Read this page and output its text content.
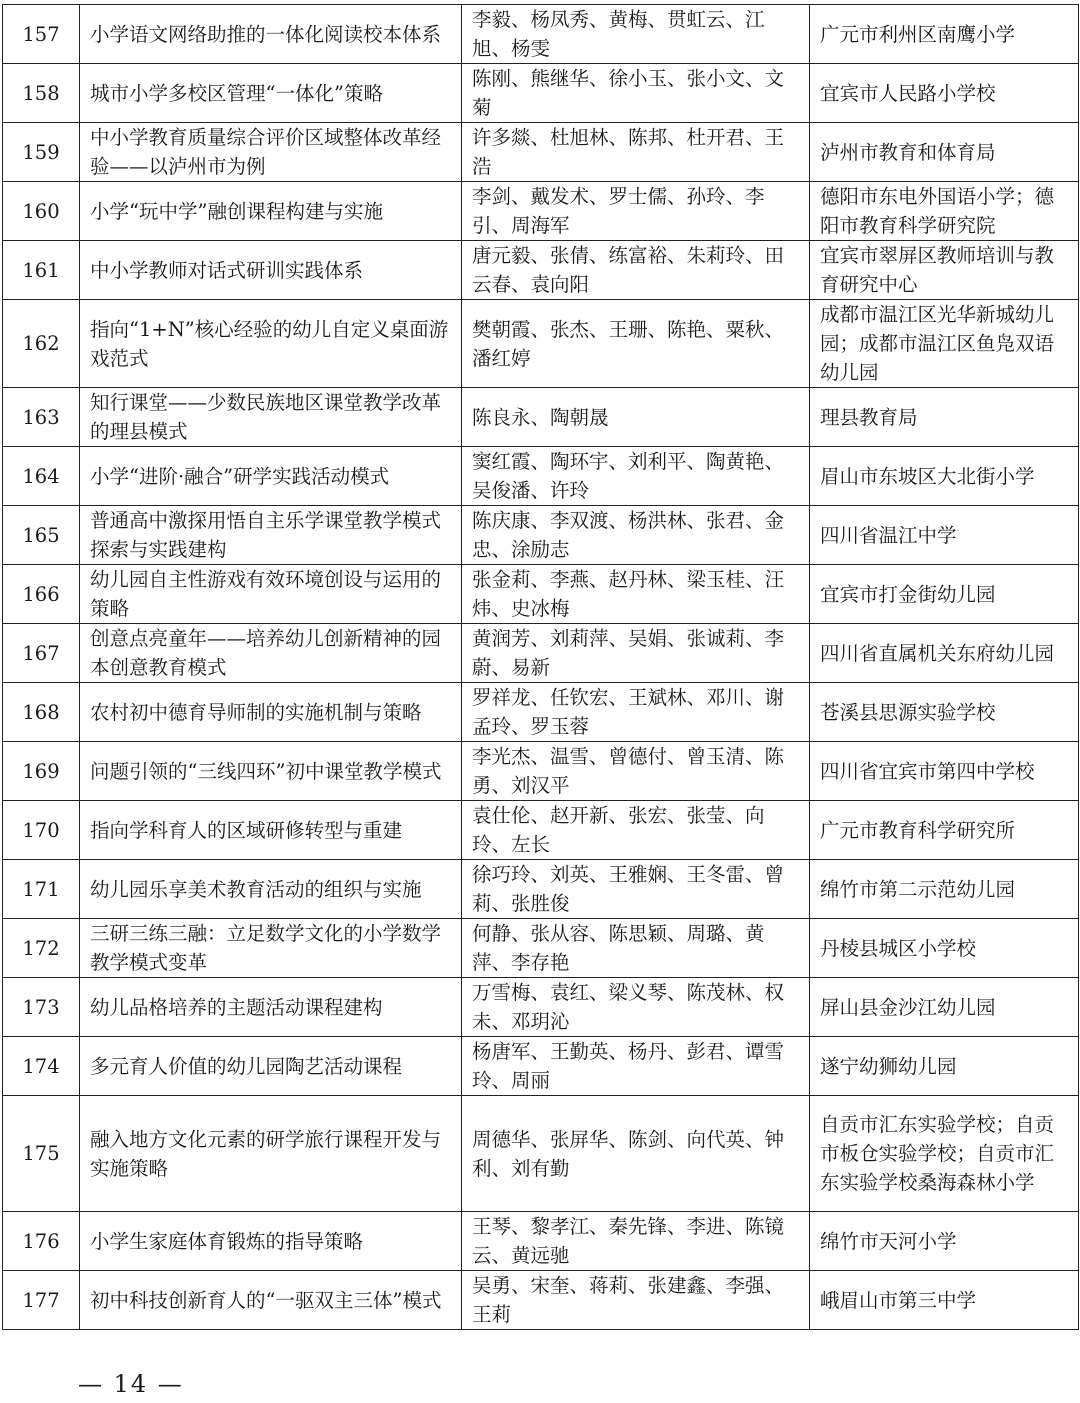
157	小学语文网络助推的一体化阅读校本体系	李毅、杨凤秀、黄梅、贯虹云、江旭、杨雯	广元市利州区南鹰小学
158	城市小学多校区管理“一体化”策略	陈刚、熊继华、徐小玉、张小文、文菊	宜宾市人民路小学校
159	中小学教育质量综合评价区域整体改革经验——以泸州市为例	许多燚、杜旭林、陈邦、杜开君、王浩	泸州市教育和体育局
160	小学“玩中学”融创课程构建与实施	李剑、戴发术、罗士儒、孙玲、李引、周海军	德阳市东电外国语小学；德阳市教育科学研究院
161	中小学教师对话式研训实践体系	唐元毅、张倩、练富裕、朱莉玲、田云春、袁向阳	宜宾市翠屏区教师培训与教育研究中心
162	指向“1+N”核心经验的幼儿自定义桌面游戏范式	樊朝霞、张杰、王珊、陈艳、粟秋、潘红婷	成都市温江区光华新城幼儿园；成都市温江区鱼凫双语幼儿园
163	知行课堂——少数民族地区课堂教学改革的理县模式	陈良永、陶朝晟	理县教育局
164	小学“进阶·融合”研学实践活动模式	窦红霞、陶环宇、刘利平、陶黄艳、吴俊潘、许玲	眉山市东坡区大北街小学
165	普通高中激探用悟自主乐学课堂教学模式探索与实践建构	陈庆康、李双渡、杨洪林、张君、金忠、涂励志	四川省温江中学
166	幼儿园自主性游戏有效环境创设与运用的策略	张金莉、李燕、赵丹林、梁玉桂、汪炜、史冰梅	宜宾市打金街幼儿园
167	创意点亮童年——培养幼儿创新精神的园本创意教育模式	黄润芳、刘莉萍、吴娟、张诚莉、李蔚、易新	四川省直属机关东府幼儿园
168	农村初中德育导师制的实施机制与策略	罗祥龙、任钦宏、王斌林、邓川、谢孟玲、罗玉蓉	苍溪县思源实验学校
169	问题引领的“三线四环”初中课堂教学模式	李光杰、温雪、曾德付、曾玉清、陈勇、刘汉平	四川省宜宾市第四中学校
170	指向学科育人的区域研修转型与重建	袁仕伦、赵开新、张宏、张莹、向玲、左长	广元市教育科学研究所
171	幼儿园乐享美术教育活动的组织与实施	徐巧玲、刘英、王雅娴、王冬雷、曾莉、张胜俊	绵竹市第二示范幼儿园
172	三研三练三融：立足数学文化的小学数学教学模式变革	何静、张从容、陈思颖、周璐、黄萍、李存艳	丹棱县城区小学校
173	幼儿品格培养的主题活动课程建构	万雪梅、袁红、梁义琴、陈茂林、权未、邓玥沁	屏山县金沙江幼儿园
174	多元育人价值的幼儿园陶艺活动课程	杨唐军、王勤英、杨丹、彭君、谭雪玲、周丽	遂宁幼狮幼儿园
175	融入地方文化元素的研学旅行课程开发与实施策略	周德华、张屏华、陈剑、向代英、钟利、刘有勤	自贡市汇东实验学校；自贡市板仓实验学校；自贡市汇东实验学校桑海森林小学
176	小学生家庭体育锻炼的指导策略	王琴、黎孝江、秦先锋、李进、陈镜云、黄远驰	绵竹市天河小学
177	初中科技创新育人的“一驱双主三体”模式	吴勇、宋奎、蒋莉、张建鑫、李强、王莉	峨眉山市第三中学
— 14 —
